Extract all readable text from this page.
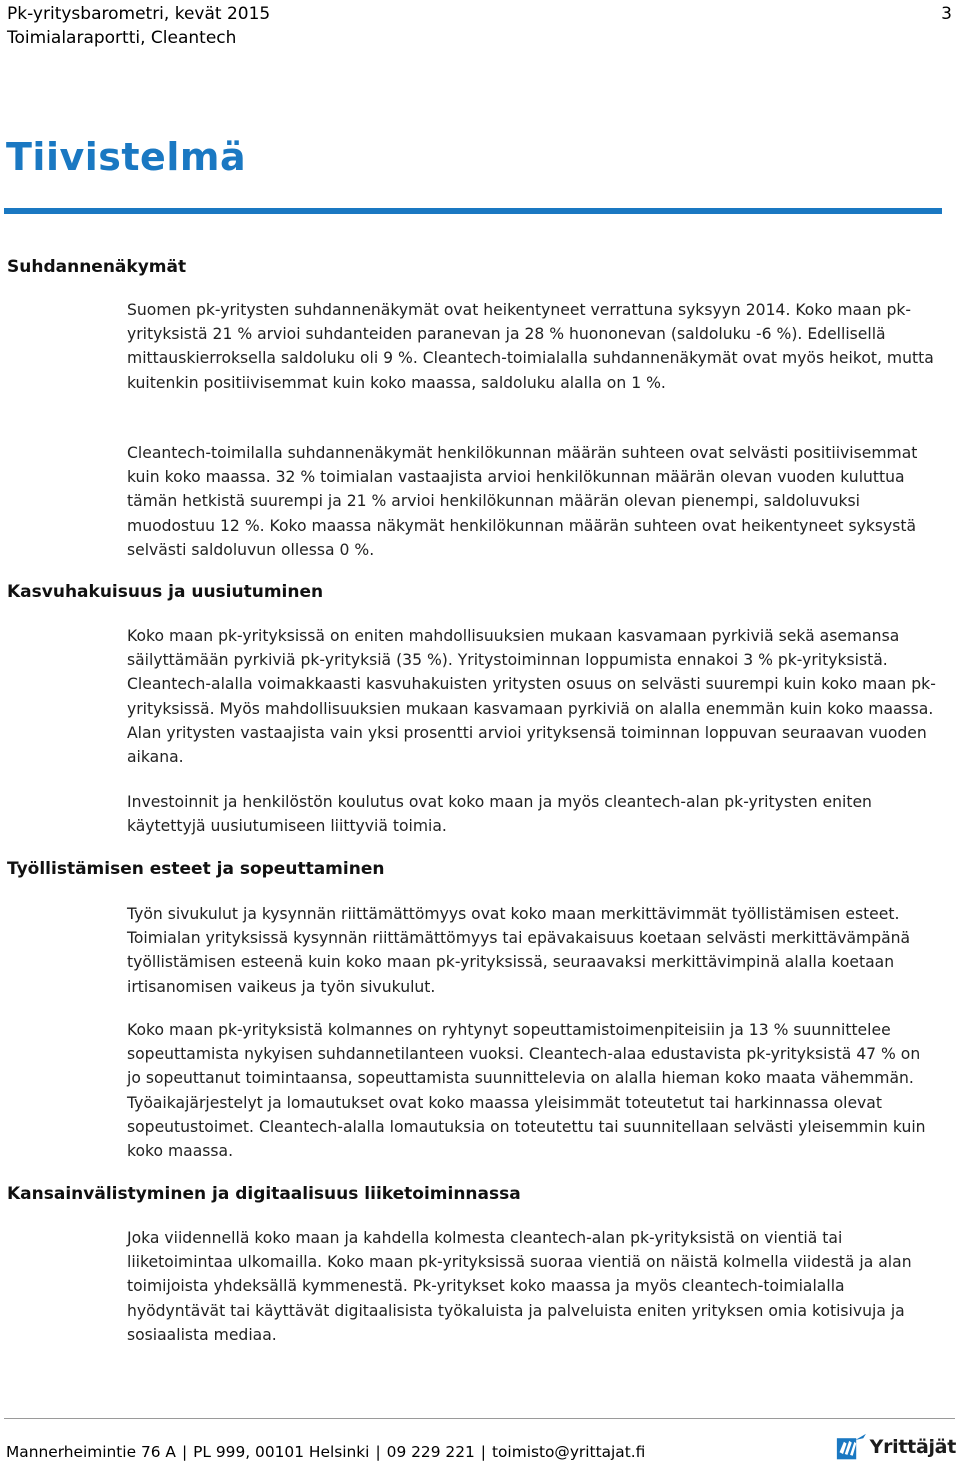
Pk-yritysbarometri, kevät 2015
Toimialaraportti, Cleantech
3
Tiivistelmä
Suhdannenäkymät

Suomen pk-yritysten suhdannenäkymät ovat heikentyneet verrattuna syksyyn 2014. Koko maan pk-yrityksistä 21 % arvioi suhdanteiden paranevan ja 28 % huononevan (saldoluku -6 %). Edellisellä mittauskierroksella saldoluku oli 9 %. Cleantech-toimialalla suhdannenäkymät ovat myös heikot, mutta kuitenkin positiivisemmat kuin koko maassa, saldoluku alalla on 1 %.

Cleantech-toimilalla suhdannenäkymät henkilökunnan määrän suhteen ovat selvästi positiivisemmat kuin koko maassa. 32 % toimialan vastaajista arvioi henkilökunnan määrän olevan vuoden kuluttua tämän hetkistä suurempi ja 21 % arvioi henkilökunnan määrän olevan pienempi, saldoluvuksi muodostuu 12 %. Koko maassa näkymät henkilökunnan määrän suhteen ovat heikentyneet syksystä selvästi saldoluvun ollessa 0 %.

Kasvuhakuisuus ja uusiutuminen

Koko maan pk-yrityksissä on eniten mahdollisuuksien mukaan kasvamaan pyrkiviä sekä asemansa säilyttämään pyrkiviä pk-yrityksiä (35 %). Yritystoiminnan loppumista ennakoi 3 % pk-yrityksistä. Cleantech-alalla voimakkaasti kasvuhakuisten yritysten osuus on selvästi suurempi kuin koko maan pk-yrityksissä. Myös mahdollisuuksien mukaan kasvamaan pyrkiviä on alalla enemmän kuin koko maassa. Alan yritysten vastaajista vain yksi prosentti arvioi yrityksensä toiminnan loppuvan seuraavan vuoden aikana.

Investoinnit ja henkilöstön koulutus ovat koko maan ja myös cleantech-alan pk-yritysten eniten käytettyjä uusiutumiseen liittyviä toimia.

Työllistämisen esteet ja sopeuttaminen

Työn sivukulut ja kysynnän riittämättömyys ovat koko maan merkittävimmät työllistämisen esteet. Toimialan yrityksissä kysynnän riittämättömyys tai epävakaisuus koetaan selvästi merkittävämpänä työllistämisen esteenä kuin koko maan pk-yrityksissä, seuraavaksi merkittävimpinä alalla koetaan irtisanomisen vaikeus ja työn sivukulut.

Koko maan pk-yrityksistä kolmannes on ryhtynyt sopeuttamistoimenpiteisiin ja 13 % suunnittelee sopeuttamista nykyisen suhdannetilanteen vuoksi. Cleantech-alaa edustavista pk-yrityksistä 47 % on jo sopeuttanut toimintaansa, sopeuttamista suunnittelevia on alalla hieman koko maata vähemmän. Työaikajärjestelyt ja lomautukset ovat koko maassa yleisimmät toteutetut tai harkinnassa olevat sopeutustoimet. Cleantech-alalla lomautuksia on toteutettu tai suunnitellaan selvästi yleisemmin kuin koko maassa.

Kansainvälistyminen ja digitaalisuus liiketoiminnassa

Joka viidennellä koko maan ja kahdella kolmesta cleantech-alan pk-yrityksistä on vientiä tai liiketoimintaa ulkomailla. Koko maan pk-yrityksissä suoraa vientiä on näistä kolmella viidestä ja alan toimijoista yhdeksällä kymmenestä. Pk-yritykset koko maassa ja myös cleantech-toimialalla hyödyntävät tai käyttävät digitaalisista työkaluista ja palveluista eniten yrityksen omia kotisivuja ja sosiaalista mediaa.

Mannerheimintie 76 A | PL 999, 00101 Helsinki | 09 229 221 | toimisto@yrittajat.fi	Yrittäjät
